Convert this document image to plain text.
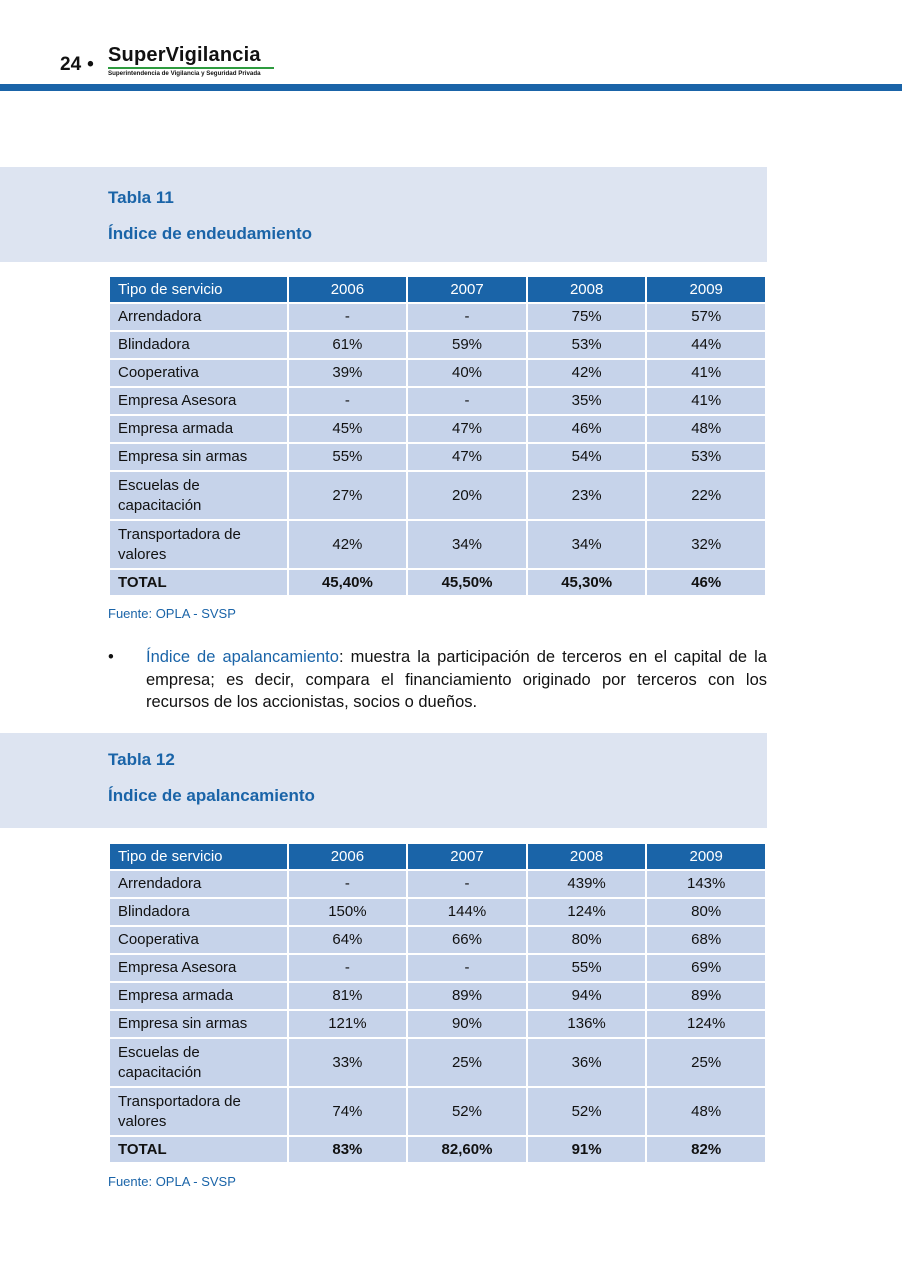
24 • SuperVigilancia
Superintendencia de Vigilancia y Seguridad Privada
Tabla 11
Índice de endeudamiento
Tipo de servicio	2006	2007	2008	2009
Arrendadora	-	-	75%	57%
Blindadora	61%	59%	53%	44%
Cooperativa	39%	40%	42%	41%
Empresa Asesora	-	-	35%	41%
Empresa armada	45%	47%	46%	48%
Empresa sin armas	55%	47%	54%	53%
Escuelas de capacitación	27%	20%	23%	22%
Transportadora de valores	42%	34%	34%	32%
TOTAL	45,40%	45,50%	45,30%	46%
Fuente: OPLA - SVSP
• Índice de apalancamiento: muestra la participación de terceros en el capital de la empresa; es decir, compara el financiamiento originado por terceros con los recursos de los accionistas, socios o dueños.
Tabla 12
Índice de apalancamiento
Tipo de servicio	2006	2007	2008	2009
Arrendadora	-	-	439%	143%
Blindadora	150%	144%	124%	80%
Cooperativa	64%	66%	80%	68%
Empresa Asesora	-	-	55%	69%
Empresa armada	81%	89%	94%	89%
Empresa sin armas	121%	90%	136%	124%
Escuelas de capacitación	33%	25%	36%	25%
Transportadora de valores	74%	52%	52%	48%
TOTAL	83%	82,60%	91%	82%
Fuente: OPLA - SVSP
